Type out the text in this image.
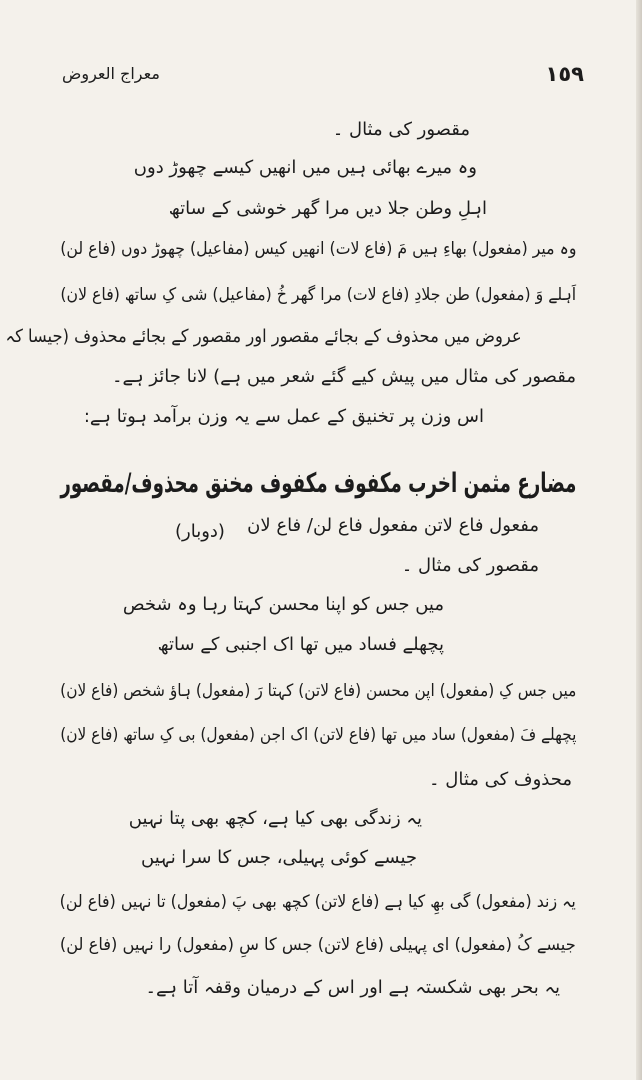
١٥٩
معراج العروض
مقصور کی مثال ۔
وہ میرے بھائی ہیں میں انھیں کیسے چھوڑ دوں
اہلِ وطن جلا دیں مرا گھر خوشی کے ساتھ
وہ میر (مفعول) بھاءِ ہیں مَ (فاع لات) انھیں کیس (مفاعیل) چھوڑ دوں (فاع لن)
اَہلے وَ (مفعول) طن جلادِ (فاع لات) مرا گھر خُ (مفاعیل) شی کِ ساتھ (فاع لان)
عروض میں محذوف کے بجائے مقصور اور مقصور کے بجائے محذوف (جیسا کہ
مقصور کی مثال میں پیش کیے گئے شعر میں ہے) لانا جائز ہے۔
اس وزن پر تخنیق کے عمل سے یہ وزن برآمد ہوتا ہے:
مضارع مثمن اخرب مکفوف مکفوف مخنق محذوف/مقصور
مفعول فاع لاتن مفعول فاع لن/ فاع لان
(دوبار)
مقصور کی مثال ۔
میں جس کو اپنا محسن کہتا رہا وہ شخص
پچھلے فساد میں تھا اک اجنبی کے ساتھ
میں جس کِ (مفعول) اپن محسن (فاع لاتن) کہتا رَ (مفعول) ہاؤ شخص (فاع لان)
پچھلے فَ (مفعول) ساد میں تھا (فاع لاتن) اک اجن (مفعول) بی کِ ساتھ (فاع لان)
محذوف کی مثال ۔
یہ زندگی بھی کیا ہے، کچھ بھی پتا نہیں
جیسے کوئی پہیلی، جس کا سرا نہیں
یہ زند (مفعول) گی بھِ کیا ہے (فاع لاتن) کچھ بھی پَ (مفعول) تا نہیں (فاع لن)
جیسے کُ (مفعول) ای پہیلی (فاع لاتن) جس کا سِ (مفعول) را نہیں (فاع لن)
یہ بحر بھی شکستہ ہے اور اس کے درمیان وقفہ آتا ہے۔
